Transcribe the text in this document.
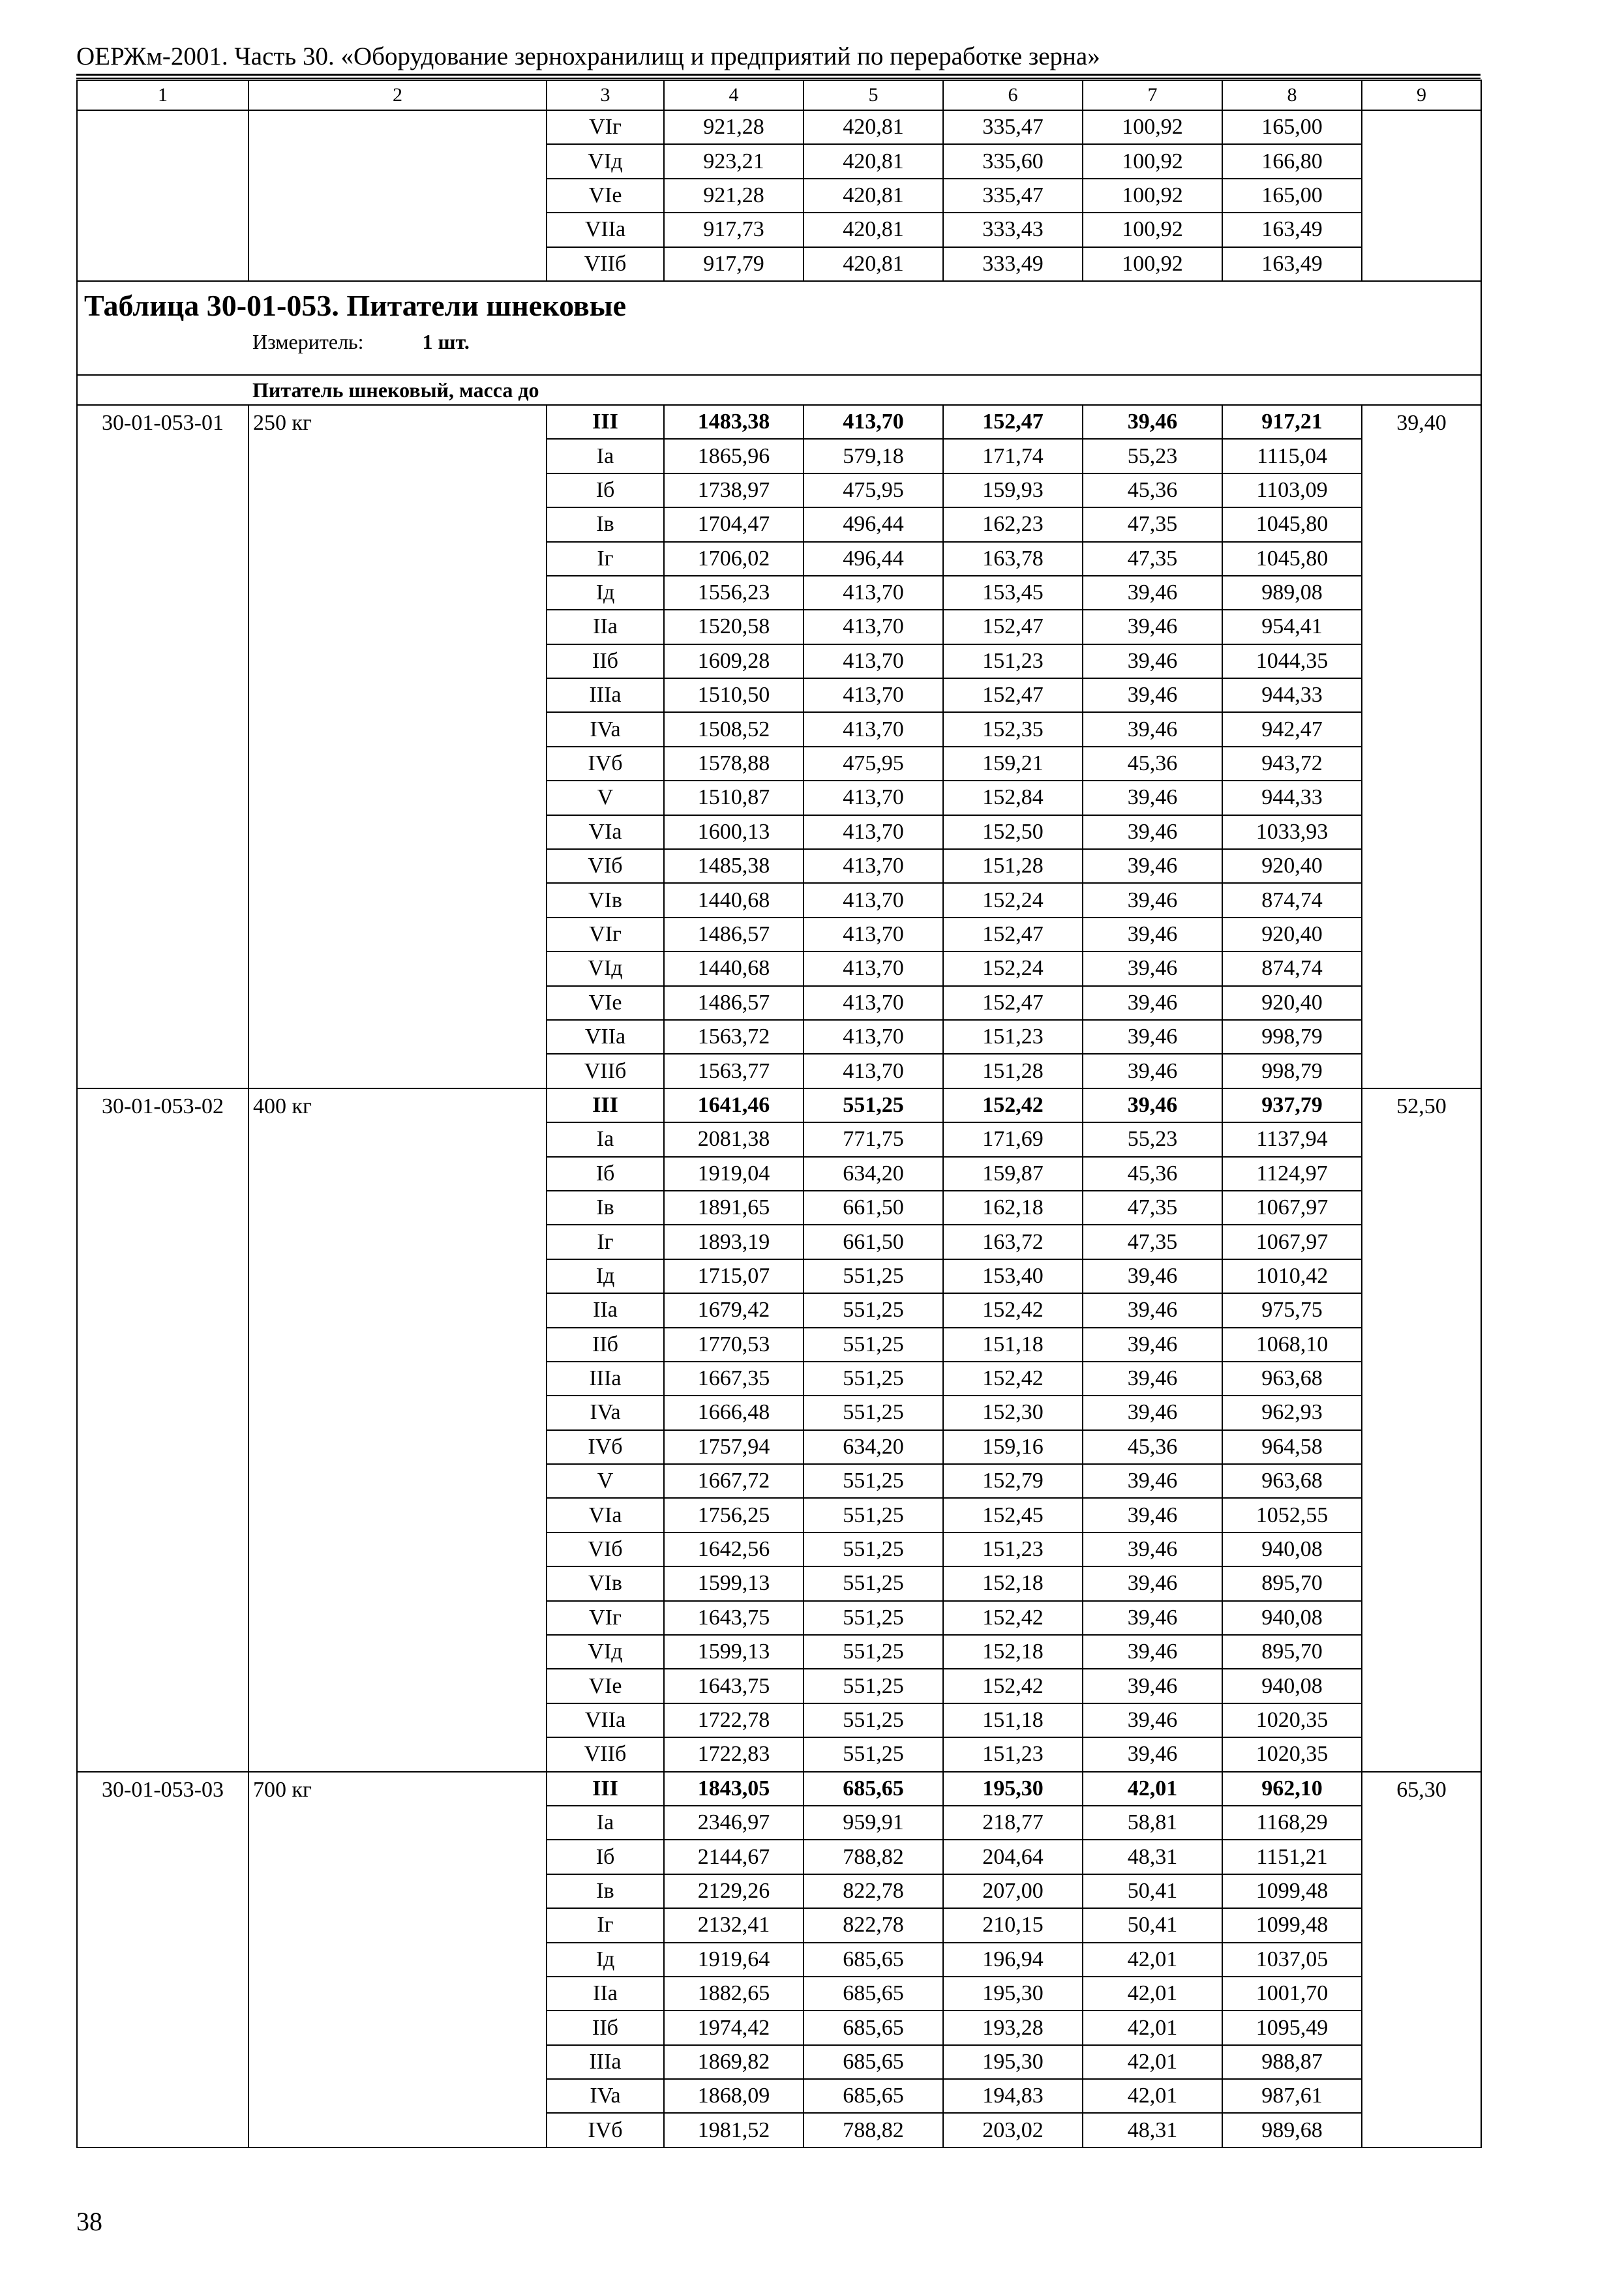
ОЕРЖм-2001. Часть 30. «Оборудование зернохранилищ и предприятий по переработке зерна»
1	2	3	4	5	6	7	8	9
		VIг	921,28	420,81	335,47	100,92	165,00	
		VIд	923,21	420,81	335,60	100,92	166,80	
		VIe	921,28	420,81	335,47	100,92	165,00	
		VIIa	917,73	420,81	333,43	100,92	163,49	
		VIIб	917,79	420,81	333,49	100,92	163,49	

Таблица 30-01-053. Питатели шнековые
Измеритель: 1 шт.								

Питатель шнековый, масса до								
30-01-053-01	250 кг	III	1483,38	413,70	152,47	39,46	917,21	39,40
		Ia	1865,96	579,18	171,74	55,23	1115,04	
		Iб	1738,97	475,95	159,93	45,36	1103,09	
		Iв	1704,47	496,44	162,23	47,35	1045,80	
		Iг	1706,02	496,44	163,78	47,35	1045,80	
		Iд	1556,23	413,70	153,45	39,46	989,08	
		IIa	1520,58	413,70	152,47	39,46	954,41	
		IIб	1609,28	413,70	151,23	39,46	1044,35	
		IIIa	1510,50	413,70	152,47	39,46	944,33	
		IVa	1508,52	413,70	152,35	39,46	942,47	
		IVб	1578,88	475,95	159,21	45,36	943,72	
		V	1510,87	413,70	152,84	39,46	944,33	
		VIa	1600,13	413,70	152,50	39,46	1033,93	
		VIб	1485,38	413,70	151,28	39,46	920,40	
		VIв	1440,68	413,70	152,24	39,46	874,74	
		VIг	1486,57	413,70	152,47	39,46	920,40	
		VIд	1440,68	413,70	152,24	39,46	874,74	
		VIe	1486,57	413,70	152,47	39,46	920,40	
		VIIa	1563,72	413,70	151,23	39,46	998,79	
		VIIб	1563,77	413,70	151,28	39,46	998,79	
30-01-053-02	400 кг	III	1641,46	551,25	152,42	39,46	937,79	52,50
		Ia	2081,38	771,75	171,69	55,23	1137,94	
		Iб	1919,04	634,20	159,87	45,36	1124,97	
		Iв	1891,65	661,50	162,18	47,35	1067,97	
		Iг	1893,19	661,50	163,72	47,35	1067,97	
		Iд	1715,07	551,25	153,40	39,46	1010,42	
		IIa	1679,42	551,25	152,42	39,46	975,75	
		IIб	1770,53	551,25	151,18	39,46	1068,10	
		IIIa	1667,35	551,25	152,42	39,46	963,68	
		IVa	1666,48	551,25	152,30	39,46	962,93	
		IVб	1757,94	634,20	159,16	45,36	964,58	
		V	1667,72	551,25	152,79	39,46	963,68	
		VIa	1756,25	551,25	152,45	39,46	1052,55	
		VIб	1642,56	551,25	151,23	39,46	940,08	
		VIв	1599,13	551,25	152,18	39,46	895,70	
		VIг	1643,75	551,25	152,42	39,46	940,08	
		VIд	1599,13	551,25	152,18	39,46	895,70	
		VIe	1643,75	551,25	152,42	39,46	940,08	
		VIIa	1722,78	551,25	151,18	39,46	1020,35	
		VIIб	1722,83	551,25	151,23	39,46	1020,35	
30-01-053-03	700 кг	III	1843,05	685,65	195,30	42,01	962,10	65,30
		Ia	2346,97	959,91	218,77	58,81	1168,29	
		Iб	2144,67	788,82	204,64	48,31	1151,21	
		Iв	2129,26	822,78	207,00	50,41	1099,48	
		Iг	2132,41	822,78	210,15	50,41	1099,48	
		Iд	1919,64	685,65	196,94	42,01	1037,05	
		IIa	1882,65	685,65	195,30	42,01	1001,70	
		IIб	1974,42	685,65	193,28	42,01	1095,49	
		IIIa	1869,82	685,65	195,30	42,01	988,87	
		IVa	1868,09	685,65	194,83	42,01	987,61	
		IVб	1981,52	788,82	203,02	48,31	989,68	
38
